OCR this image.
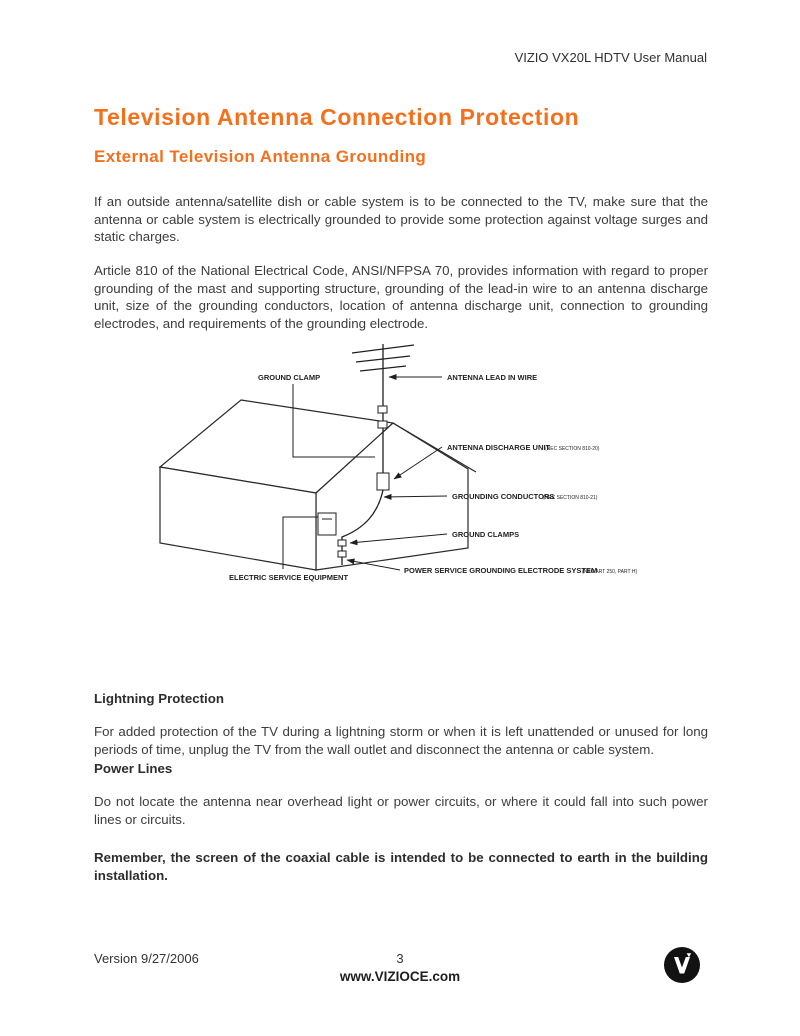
VIZIO VX20L HDTV User Manual
Television Antenna Connection Protection
External Television Antenna Grounding

If an outside antenna/satellite dish or cable system is to be connected to the TV, make sure that the antenna or cable system is electrically grounded to provide some protection against voltage surges and static charges.

Article 810 of the National Electrical Code, ANSI/NFPSA 70, provides information with regard to proper grounding of the mast and supporting structure, grounding of the lead-in wire to an antenna discharge unit, size of the grounding conductors, location of antenna discharge unit, connection to grounding electrodes, and requirements of the grounding electrode.

GROUND CLAMP	ANTENNA LEAD IN WIRE
ANTENNA DISCHARGE UNIT
(NEC SECTION 810-20)
GROUNDING CONDUCTORS
(NEC SECTION 810-21)
GROUND CLAMPS
ELECTRIC SERVICE EQUIPMENT
POWER SERVICE GROUNDING ELECTRODE SYSTEM
(NEC ART 250, PART H)
Lightning Protection

For added protection of the TV during a lightning storm or when it is left unattended or unused for long periods of time, unplug the TV from the wall outlet and disconnect the antenna or cable system.

Power Lines

Do not locate the antenna near overhead light or power circuits, or where it could fall into such power lines or circuits.

Remember, the screen of the coaxial cable is intended to be connected to earth in the building installation.

Version 9/27/2006	3
www.VIZIOCE.com
